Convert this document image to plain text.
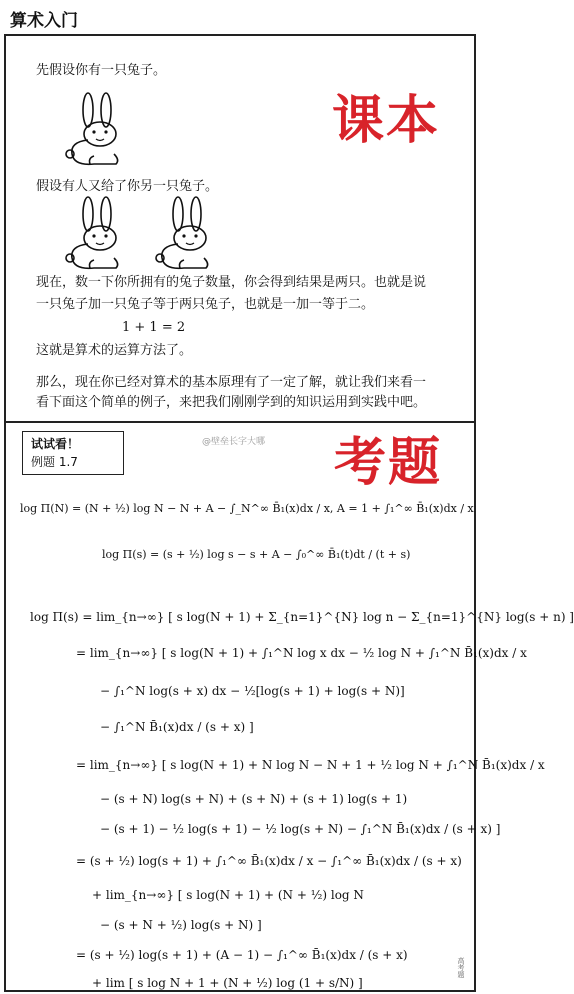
算术入门
先假设你有一只兔子。
课本
假设有人又给了你另一只兔子。
现在，数一下你所拥有的兔子数量，你会得到结果是两只。也就是说
一只兔子加一只兔子等于两只兔子，也就是一加一等于二。
1 + 1 = 2
这就是算术的运算方法了。
那么，现在你已经对算术的基本原理有了一定了解，就让我们来看一
看下面这个简单的例子，来把我们刚刚学到的知识运用到实践中吧。
试试看！
例题 1.7
@壁垒长字大哪 考题
log Π(N) = (N + ½) log N − N + A − ∫_N^∞ B̄₁(x)dx / x, A = 1 + ∫₁^∞ B̄₁(x)dx / x
log Π(s) = (s + ½) log s − s + A − ∫₀^∞ B̄₁(t)dt / (t + s)
log Π(s) = lim_{n→∞} [ s log(N + 1) + Σ_{n=1}^{N} log n − Σ_{n=1}^{N} log(s + n) ]
= lim_{n→∞} [ s log(N + 1) + ∫₁^N log x dx − ½ log N + ∫₁^N B̄₁(x)dx / x
− ∫₁^N log(s + x) dx − ½[log(s + 1) + log(s + N)]
− ∫₁^N B̄₁(x)dx / (s + x) ]
= lim_{n→∞} [ s log(N + 1) + N log N − N + 1 + ½ log N + ∫₁^N B̄₁(x)dx / x
− (s + N) log(s + N) + (s + N) + (s + 1) log(s + 1)
− (s + 1) − ½ log(s + 1) − ½ log(s + N) − ∫₁^N B̄₁(x)dx / (s + x) ]
= (s + ½) log(s + 1) + ∫₁^∞ B̄₁(x)dx / x − ∫₁^∞ B̄₁(x)dx / (s + x)
+ lim_{n→∞} [ s log(N + 1) + (N + ½) log N
− (s + N + ½) log(s + N) ]
= (s + ½) log(s + 1) + (A − 1) − ∫₁^∞ B̄₁(x)dx / (s + x)
+ lim [ s log N + 1 + (N + ½) log (1 + s/N) ]
高考题
